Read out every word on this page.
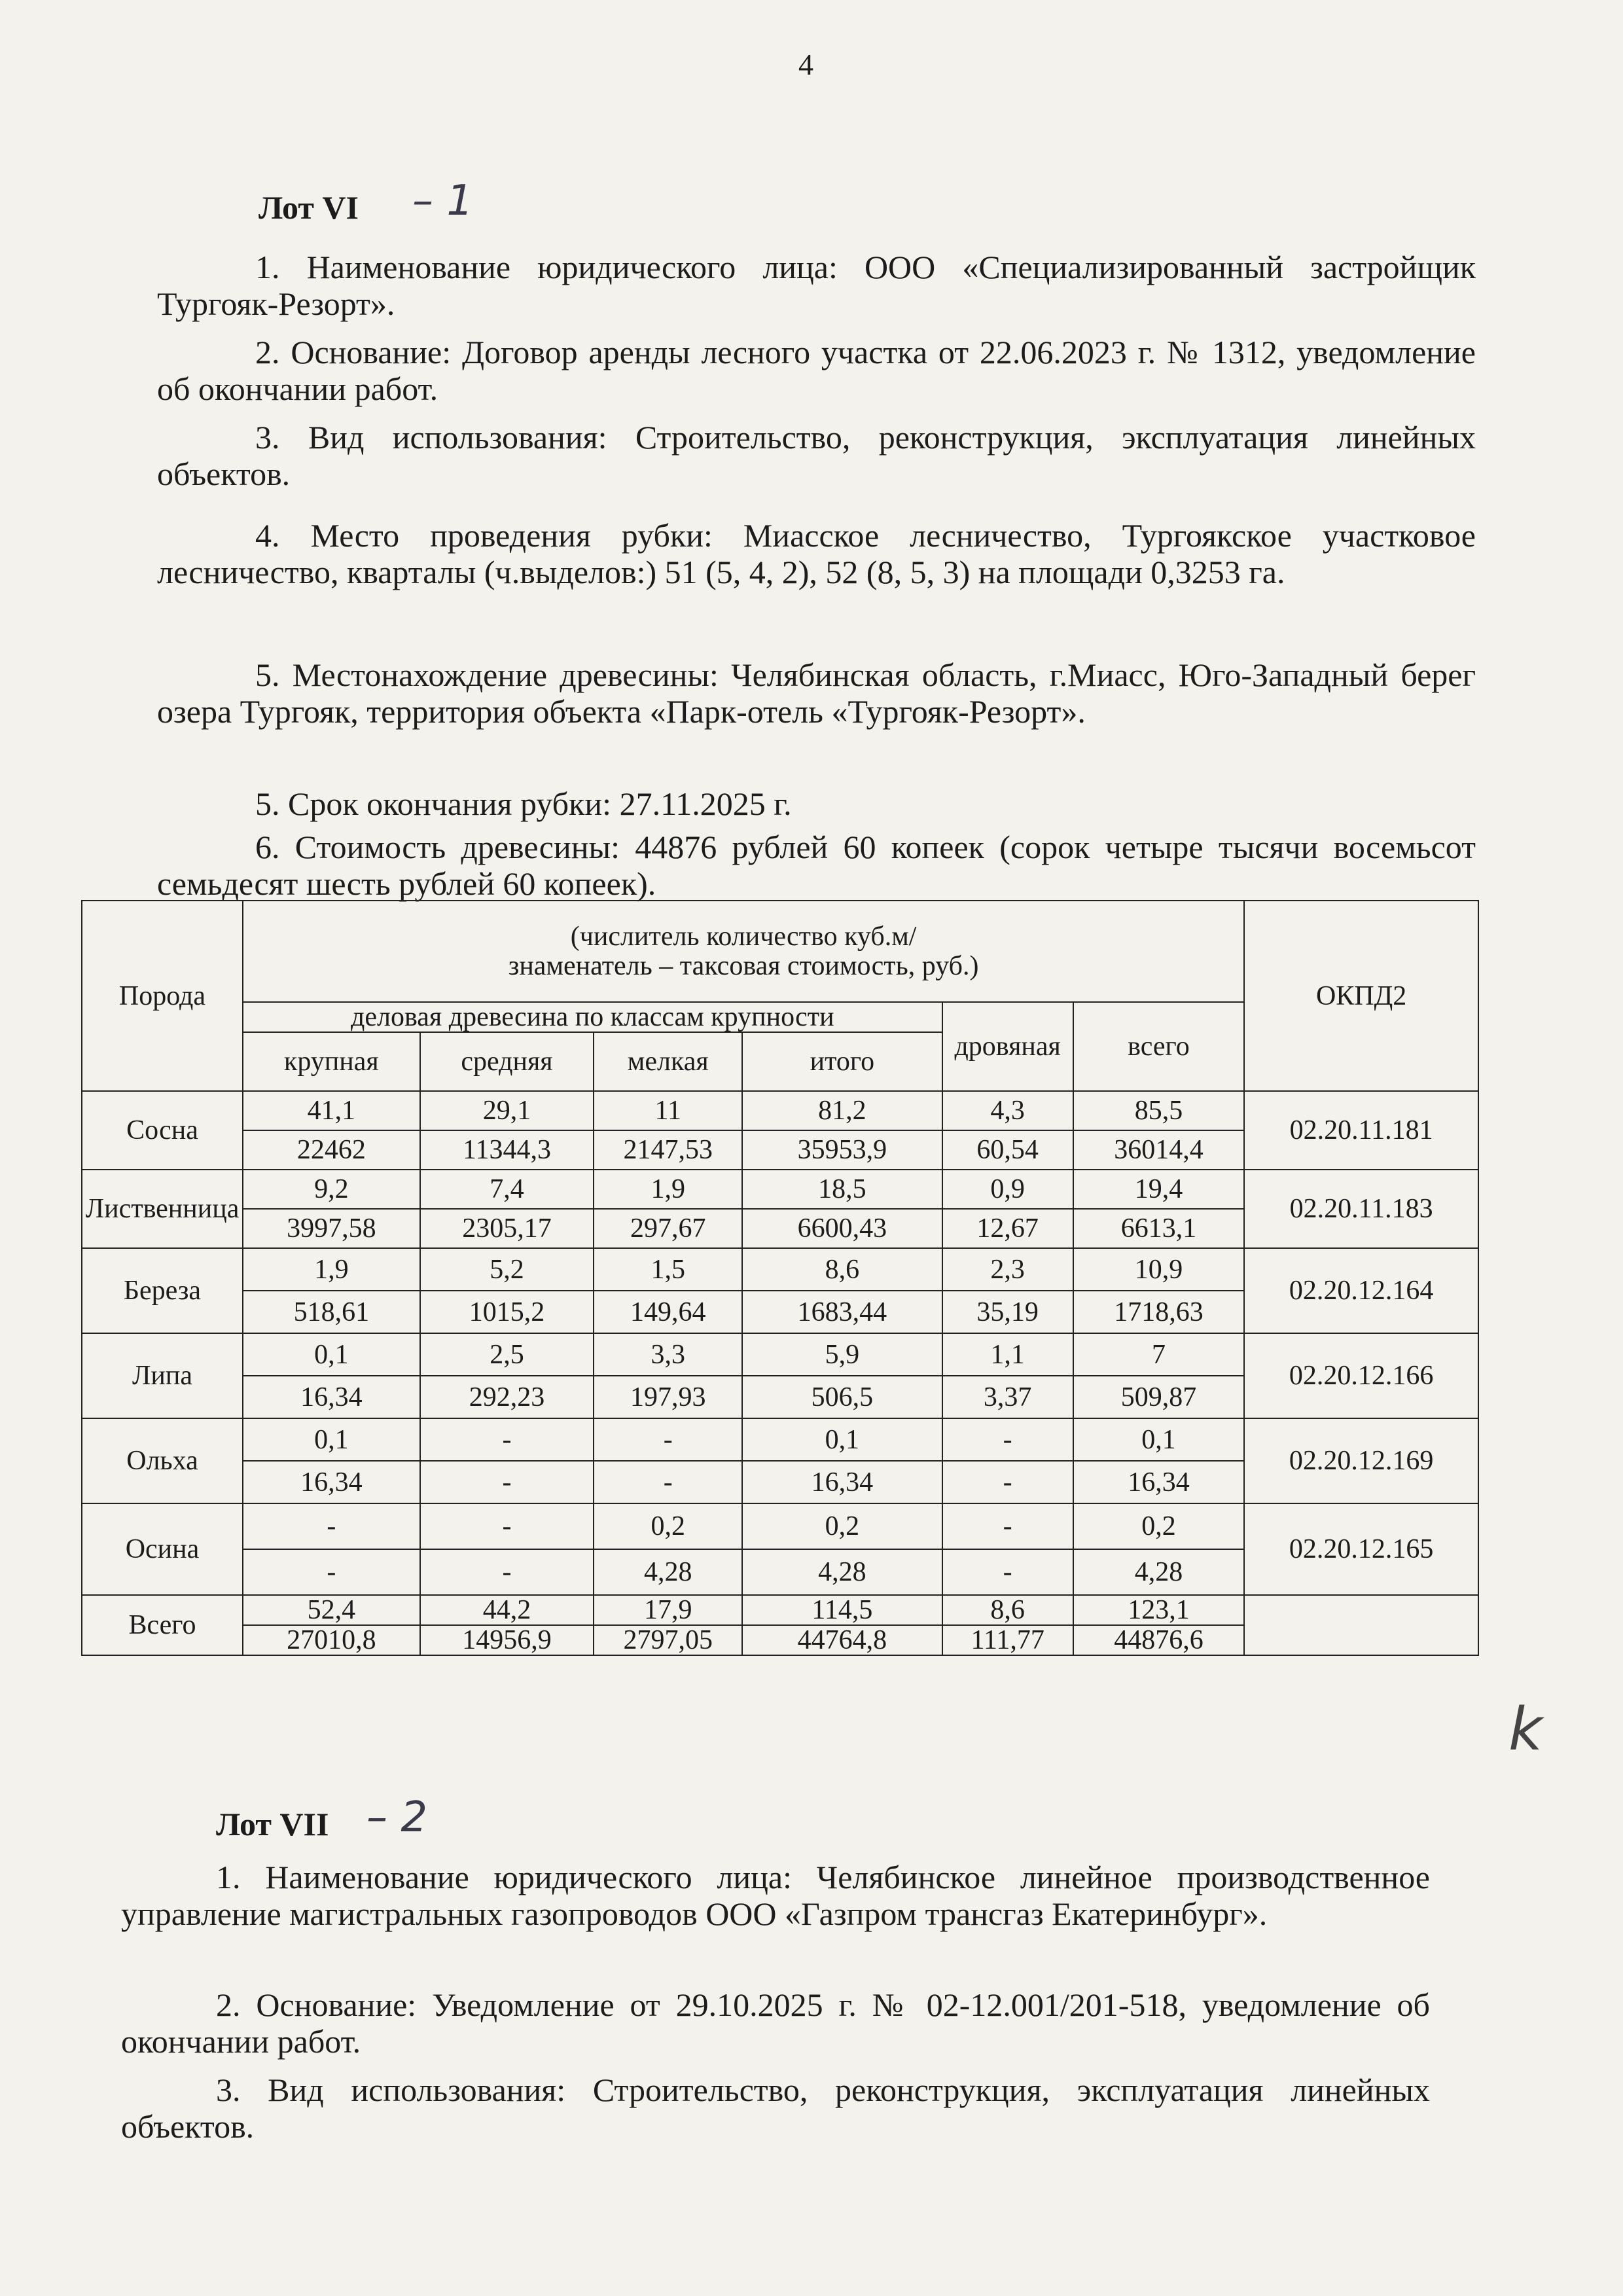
4
Лот VI – 1
1. Наименование юридического лица: ООО «Специализированный застройщик Тургояк-Резорт».
2. Основание: Договор аренды лесного участка от 22.06.2023 г. № 1312, уведомление об окончании работ.
3. Вид использования: Строительство, реконструкция, эксплуатация линейных объектов.
4. Место проведения рубки: Миасское лесничество, Тургоякское участковое лесничество, кварталы (ч.выделов:) 51 (5, 4, 2), 52 (8, 5, 3) на площади 0,3253 га.
5. Местонахождение древесины: Челябинская область, г.Миасс, Юго-Западный берег озера Тургояк, территория объекта «Парк-отель «Тургояк-Резорт».
5. Срок окончания рубки: 27.11.2025 г.
6. Стоимость древесины: 44876 рублей 60 копеек (сорок четыре тысячи восемьсот семьдесят шесть рублей 60 копеек).
Порода	(числитель количество куб.м/
знаменатель – таксовая стоимость, руб.)						ОКПД2
	деловая древесина по классам крупности				дровяная	всего	
	крупная	средняя	мелкая	итого			
Сосна	41,1	29,1	11	81,2	4,3	85,5	02.20.11.181
	22462	11344,3	2147,53	35953,9	60,54	36014,4	
Лиственница	9,2	7,4	1,9	18,5	0,9	19,4	02.20.11.183
	3997,58	2305,17	297,67	6600,43	12,67	6613,1	
Береза	1,9	5,2	1,5	8,6	2,3	10,9	02.20.12.164
	518,61	1015,2	149,64	1683,44	35,19	1718,63	
Липа	0,1	2,5	3,3	5,9	1,1	7	02.20.12.166
	16,34	292,23	197,93	506,5	3,37	509,87	
Ольха	0,1	-	-	0,1	-	0,1	02.20.12.169
	16,34	-	-	16,34	-	16,34	
Осина	-	-	0,2	0,2	-	0,2	02.20.12.165
	-	-	4,28	4,28	-	4,28	
Всего	52,4	44,2	17,9	114,5	8,6	123,1	
	27010,8	14956,9	2797,05	44764,8	111,77	44876,6	
k
Лот VII – 2
1. Наименование юридического лица: Челябинское линейное производственное управление магистральных газопроводов ООО «Газпром трансгаз Екатеринбург».
2. Основание: Уведомление от 29.10.2025 г. № 02-12.001/201-518, уведомление об окончании работ.
3. Вид использования: Строительство, реконструкция, эксплуатация линейных объектов.
